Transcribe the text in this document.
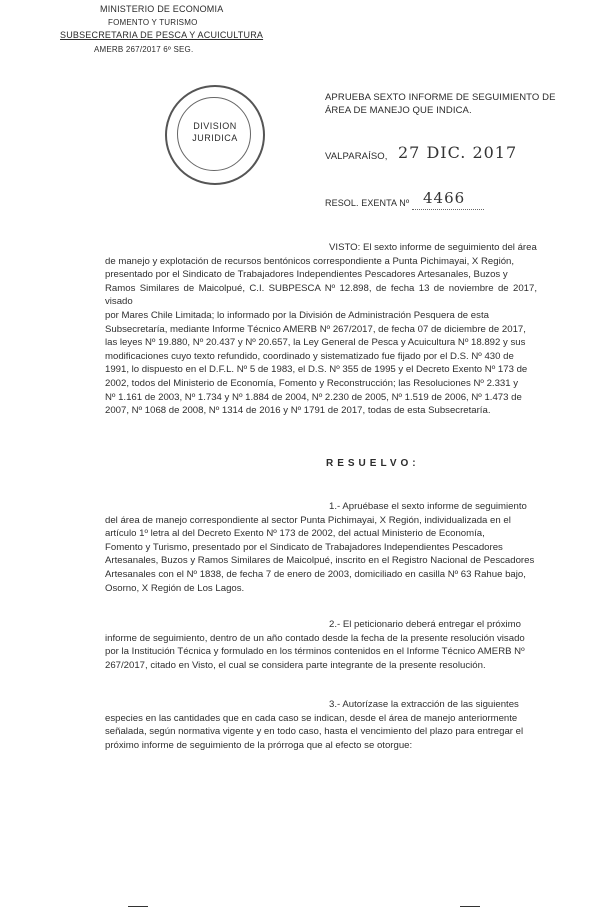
MINISTERIO DE ECONOMIA
FOMENTO Y TURISMO
SUBSECRETARIA DE PESCA Y ACUICULTURA
AMERB 267/2017 6º SEG.
DIVISION
JURIDICA
APRUEBA SEXTO INFORME DE SEGUIMIENTO DE
ÁREA DE MANEJO QUE INDICA.
VALPARAÍSO, 27 DIC. 2017
RESOL. EXENTA Nº 4466

VISTO: El sexto informe de seguimiento del área

de manejo y explotación de recursos bentónicos correspondiente a Punta Pichimayai, X Región,

presentado por el Sindicato de Trabajadores Independientes Pescadores Artesanales, Buzos y

Ramos Similares de Maicolpué, C.I. SUBPESCA Nº 12.898, de fecha 13 de noviembre de 2017, visado

por Mares Chile Limitada; lo informado por la División de Administración Pesquera de esta

Subsecretaría, mediante Informe Técnico AMERB Nº 267/2017, de fecha 07 de diciembre de 2017,

las leyes Nº 19.880, Nº 20.437 y Nº 20.657, la Ley General de Pesca y Acuicultura Nº 18.892 y sus

modificaciones cuyo texto refundido, coordinado y sistematizado fue fijado por el D.S. Nº 430 de

1991, lo dispuesto en el D.F.L. Nº 5 de 1983, el D.S. Nº 355 de 1995 y el Decreto Exento Nº 173 de

2002, todos del Ministerio de Economía, Fomento y Reconstrucción; las Resoluciones Nº 2.331 y

Nº 1.161 de 2003, Nº 1.734 y Nº 1.884 de 2004, Nº 2.230 de 2005, Nº 1.519 de 2006, Nº 1.473 de

2007, Nº 1068 de 2008, Nº 1314 de 2016 y Nº 1791 de 2017, todas de esta Subsecretaría.

RESUELVO:

1.- Apruébase el sexto informe de seguimiento

del área de manejo correspondiente al sector Punta Pichimayai, X Región, individualizada en el

artículo 1º letra al del Decreto Exento Nº 173 de 2002, del actual Ministerio de Economía,

Fomento y Turismo, presentado por el Sindicato de Trabajadores Independientes Pescadores

Artesanales, Buzos y Ramos Similares de Maicolpué, inscrito en el Registro Nacional de Pescadores

Artesanales con el Nº 1838, de fecha 7 de enero de 2003, domiciliado en casilla Nº 63 Rahue bajo,

Osorno, X Región de Los Lagos.

2.- El peticionario deberá entregar el próximo

informe de seguimiento, dentro de un año contado desde la fecha de la presente resolución visado

por la Institución Técnica y formulado en los términos contenidos en el Informe Técnico AMERB Nº

267/2017, citado en Visto, el cual se considera parte integrante de la presente resolución.

3.- Autorízase la extracción de las siguientes

especies en las cantidades que en cada caso se indican, desde el área de manejo anteriormente

señalada, según normativa vigente y en todo caso, hasta el vencimiento del plazo para entregar el

próximo informe de seguimiento de la prórroga que al efecto se otorgue:
